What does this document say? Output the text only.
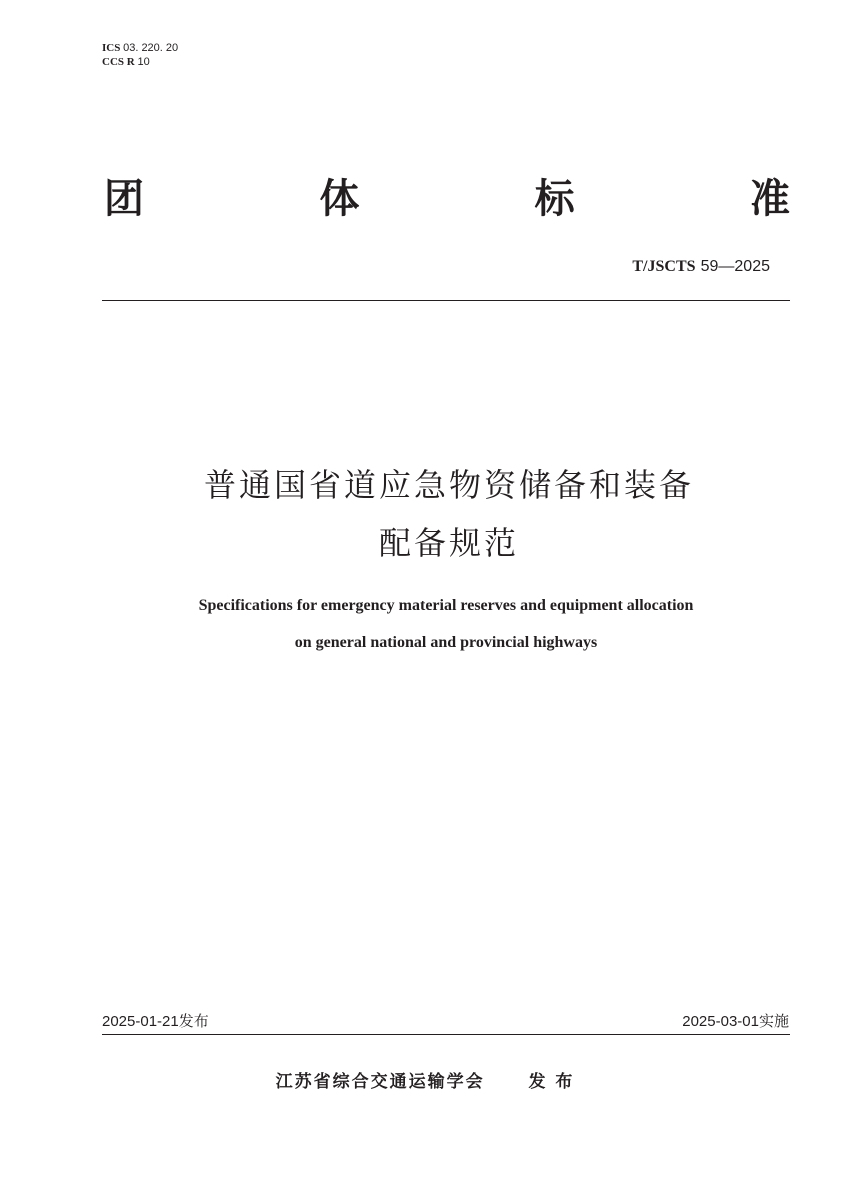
ICS 03. 220. 20
CCS R 10
团	体	标	准
T/JSCTS 59—2025
普通国省道应急物资储备和装备
配备规范
Specifications for emergency material reserves and equipment allocation
on general national and provincial highways
2025-01-21发布	2025-03-01实施
江苏省综合交通运输学会	发 布
